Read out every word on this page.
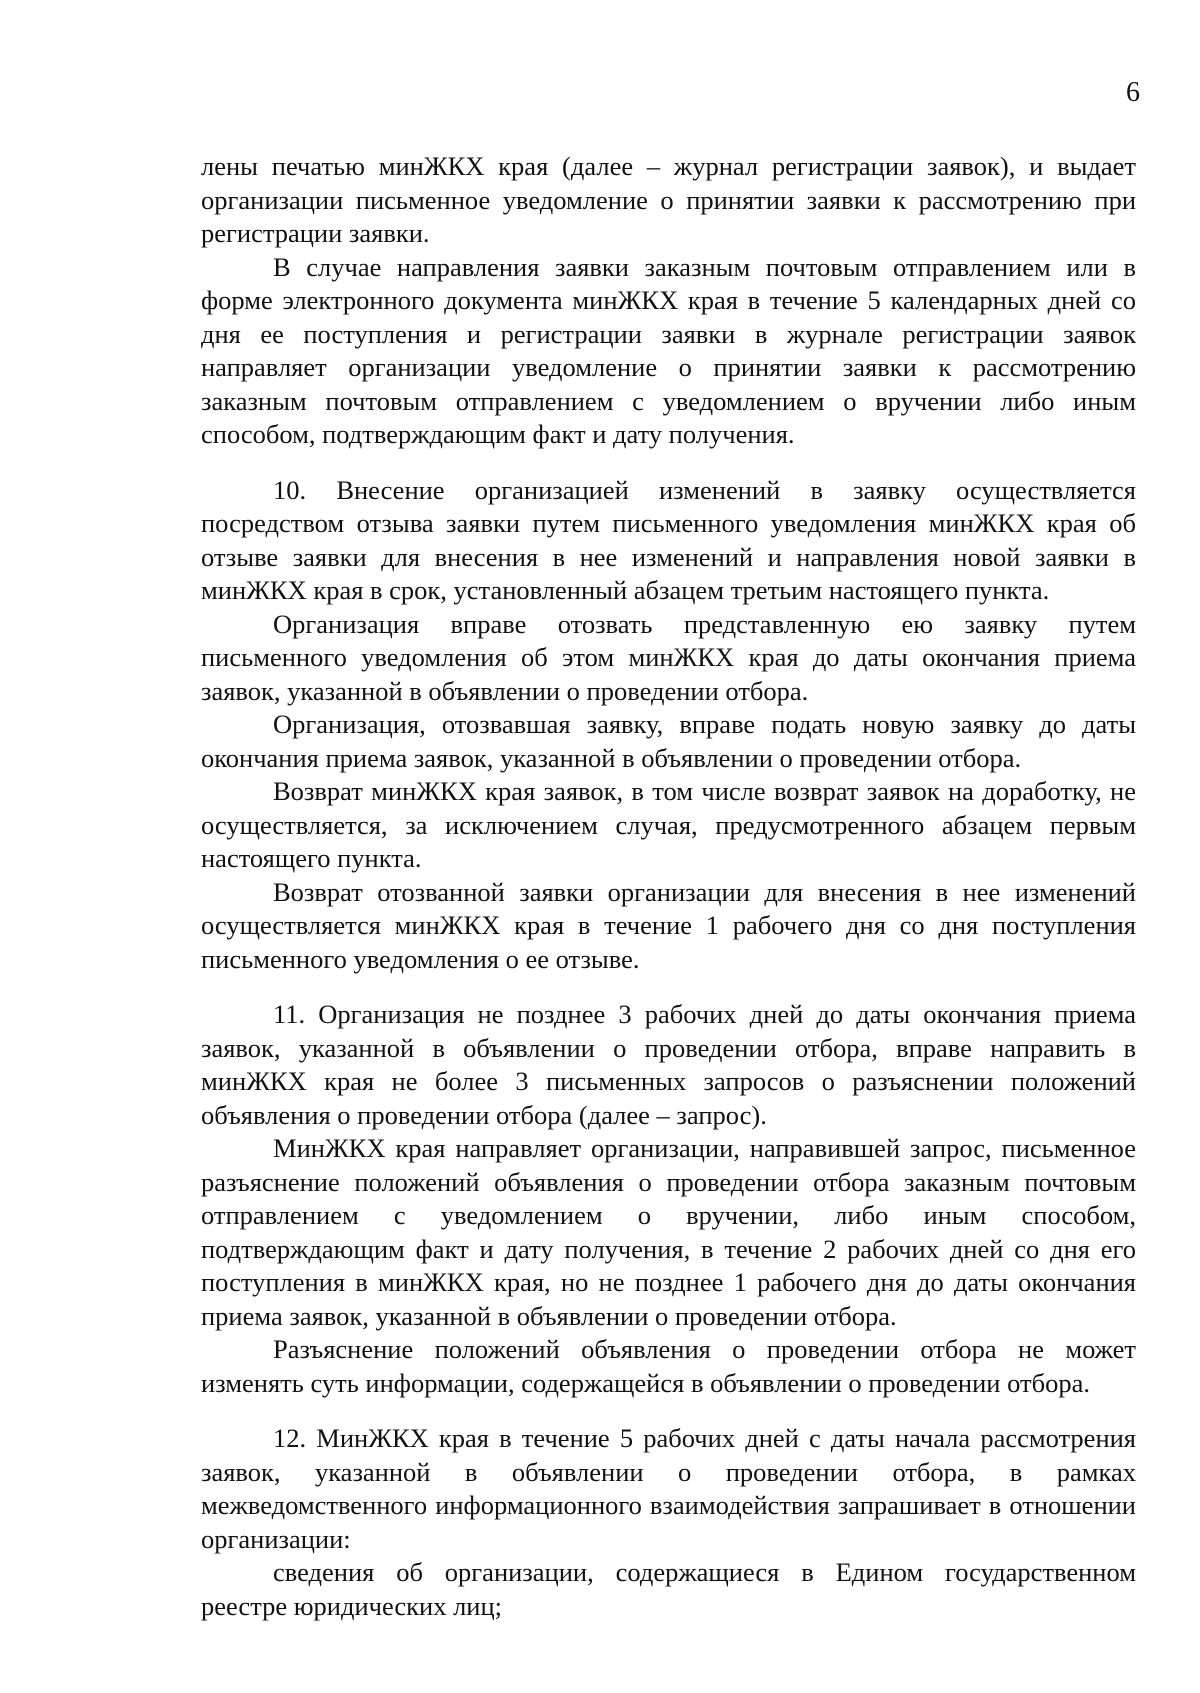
6

лены печатью минЖКХ края (далее – журнал регистрации заявок), и выдает организации письменное уведомление о принятии заявки к рассмотрению при регистрации заявки.

В случае направления заявки заказным почтовым отправлением или в форме электронного документа минЖКХ края в течение 5 календарных дней со дня ее поступления и регистрации заявки в журнале регистрации заявок направляет организации уведомление о принятии заявки к рассмотрению заказным почтовым отправлением с уведомлением о вручении либо иным способом, подтверждающим факт и дату получения.

10. Внесение организацией изменений в заявку осуществляется посредством отзыва заявки путем письменного уведомления минЖКХ края об отзыве заявки для внесения в нее изменений и направления новой заявки в минЖКХ края в срок, установленный абзацем третьим настоящего пункта.

Организация вправе отозвать представленную ею заявку путем письменного уведомления об этом минЖКХ края до даты окончания приема заявок, указанной в объявлении о проведении отбора.

Организация, отозвавшая заявку, вправе подать новую заявку до даты окончания приема заявок, указанной в объявлении о проведении отбора.

Возврат минЖКХ края заявок, в том числе возврат заявок на доработку, не осуществляется, за исключением случая, предусмотренного абзацем первым настоящего пункта.

Возврат отозванной заявки организации для внесения в нее изменений осуществляется минЖКХ края в течение 1 рабочего дня со дня поступления письменного уведомления о ее отзыве.

11. Организация не позднее 3 рабочих дней до даты окончания приема заявок, указанной в объявлении о проведении отбора, вправе направить в минЖКХ края не более 3 письменных запросов о разъяснении положений объявления о проведении отбора (далее – запрос).

МинЖКХ края направляет организации, направившей запрос, письменное разъяснение положений объявления о проведении отбора заказным почтовым отправлением с уведомлением о вручении, либо иным способом, подтверждающим факт и дату получения, в течение 2 рабочих дней со дня его поступления в минЖКХ края, но не позднее 1 рабочего дня до даты окончания приема заявок, указанной в объявлении о проведении отбора.

Разъяснение положений объявления о проведении отбора не может изменять суть информации, содержащейся в объявлении о проведении отбора.

12. МинЖКХ края в течение 5 рабочих дней с даты начала рассмотрения заявок, указанной в объявлении о проведении отбора, в рамках межведомственного информационного взаимодействия запрашивает в отношении организации:

сведения об организации, содержащиеся в Едином государственном реестре юридических лиц;
